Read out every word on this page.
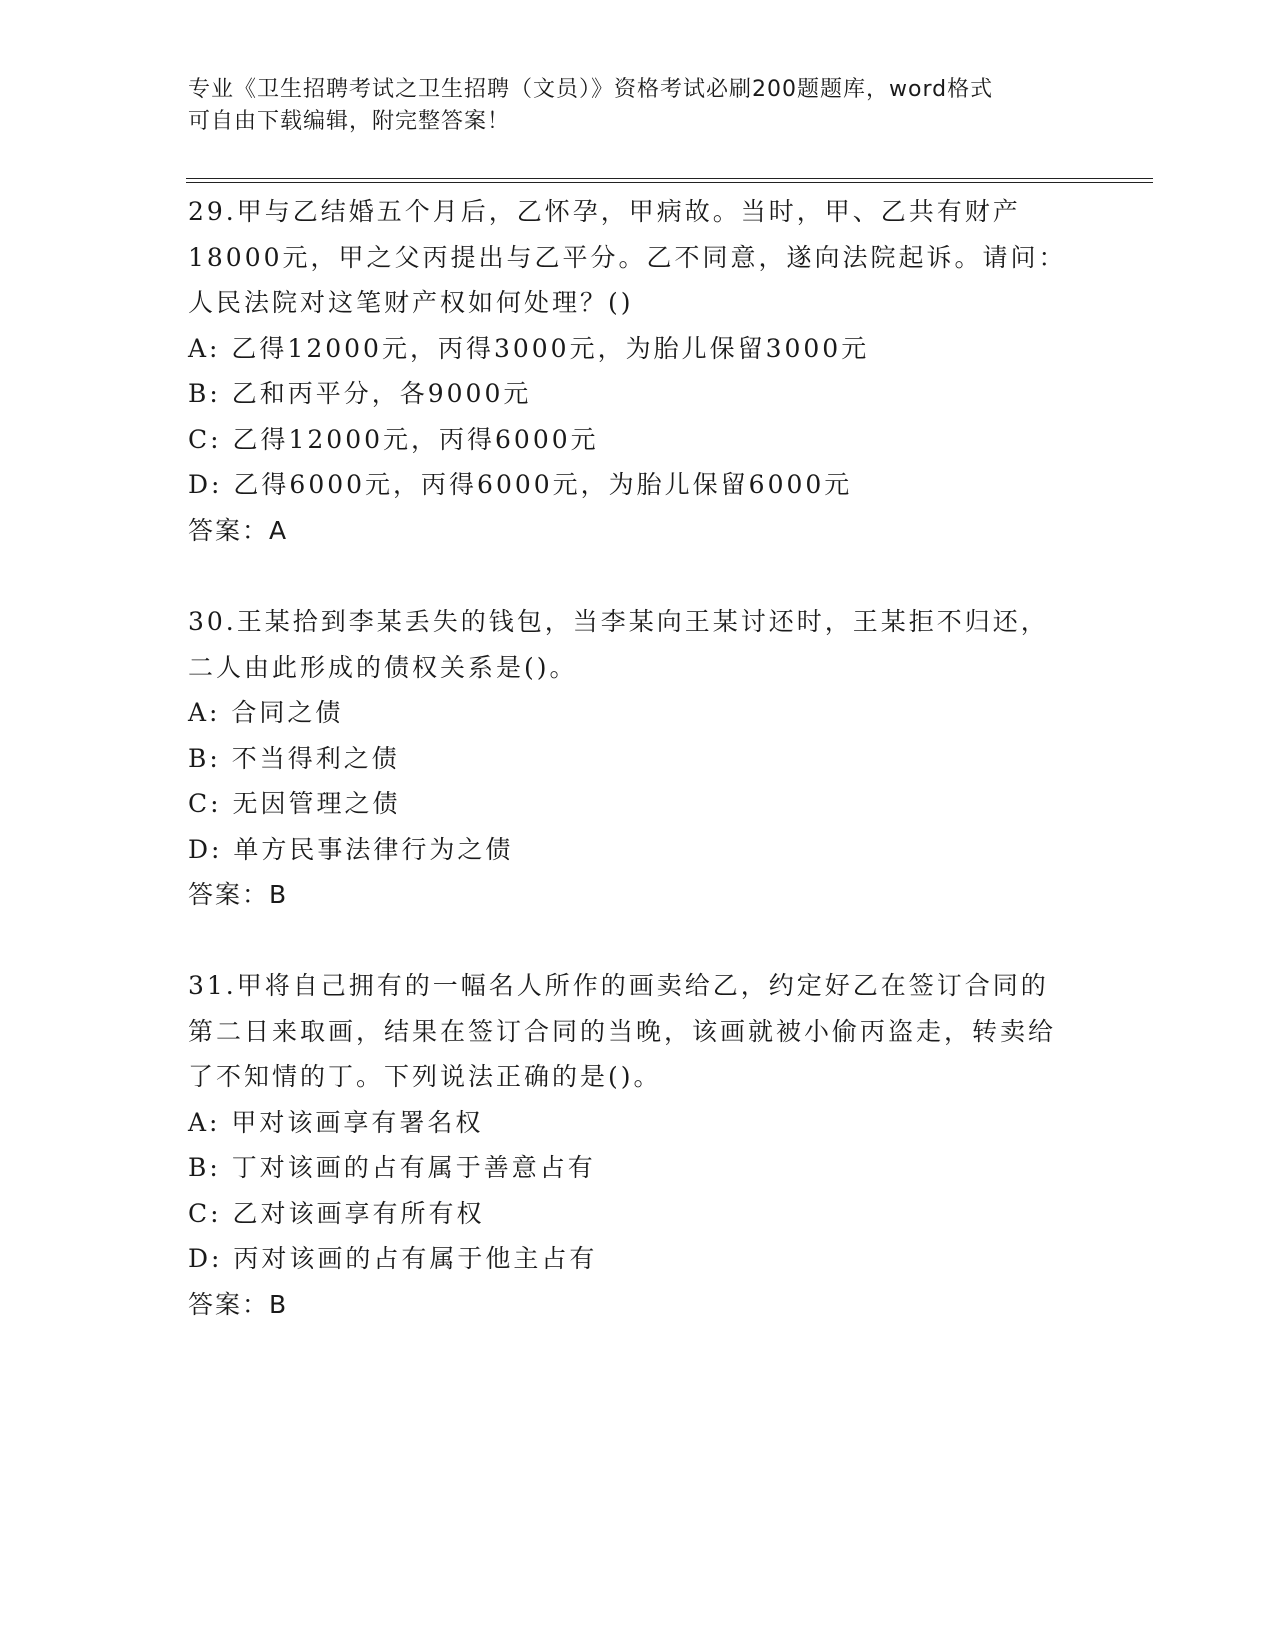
专业《卫生招聘考试之卫生招聘（文员）》资格考试必刷200题题库，word格式
可自由下载编辑，附完整答案！

29.甲与乙结婚五个月后，乙怀孕，甲病故。当时，甲、乙共有财产18000元，甲之父丙提出与乙平分。乙不同意，遂向法院起诉。请问：人民法院对这笔财产权如何处理？()

A: 乙得12000元，丙得3000元，为胎儿保留3000元
B: 乙和丙平分，各9000元
C: 乙得12000元，丙得6000元
D: 乙得6000元，丙得6000元，为胎儿保留6000元
答案：A

30.王某拾到李某丢失的钱包，当李某向王某讨还时，王某拒不归还，二人由此形成的债权关系是()。

A: 合同之债
B: 不当得利之债
C: 无因管理之债
D: 单方民事法律行为之债
答案：B

31.甲将自己拥有的一幅名人所作的画卖给乙，约定好乙在签订合同的第二日来取画，结果在签订合同的当晚，该画就被小偷丙盗走，转卖给了不知情的丁。下列说法正确的是()。

A: 甲对该画享有署名权
B: 丁对该画的占有属于善意占有
C: 乙对该画享有所有权
D: 丙对该画的占有属于他主占有
答案：B
